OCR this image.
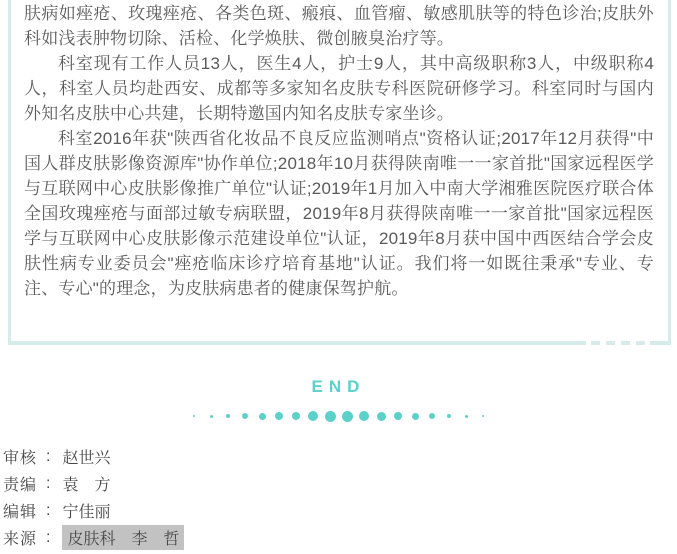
肤病如痤疮、玫瑰痤疮、各类色斑、瘢痕、血管瘤、敏感肌肤等的特色诊治;皮肤外科如浅表肿物切除、活检、化学焕肤、微创腋臭治疗等。

科室现有工作人员13人，医生4人，护士9人，其中高级职称3人，中级职称4人，科室人员均赴西安、成都等多家知名皮肤专科医院研修学习。科室同时与国内外知名皮肤中心共建，长期特邀国内知名皮肤专家坐诊。

科室2016年获"陕西省化妆品不良反应监测哨点"资格认证;2017年12月获得"中国人群皮肤影像资源库"协作单位;2018年10月获得陕南唯一一家首批"国家远程医学与互联网中心皮肤影像推广单位"认证;2019年1月加入中南大学湘雅医院医疗联合体全国玫瑰痤疮与面部过敏专病联盟，2019年8月获得陕南唯一一家首批"国家远程医学与互联网中心皮肤影像示范建设单位"认证，2019年8月获中国中西医结合学会皮肤性病专业委员会"痤疮临床诊疗培育基地"认证。我们将一如既往秉承"专业、专注、专心"的理念，为皮肤病患者的健康保驾护航。

END
审核 : 赵世兴
责编 : 袁　方
编辑 : 宁佳丽
来源 :	皮肤科　李　哲
